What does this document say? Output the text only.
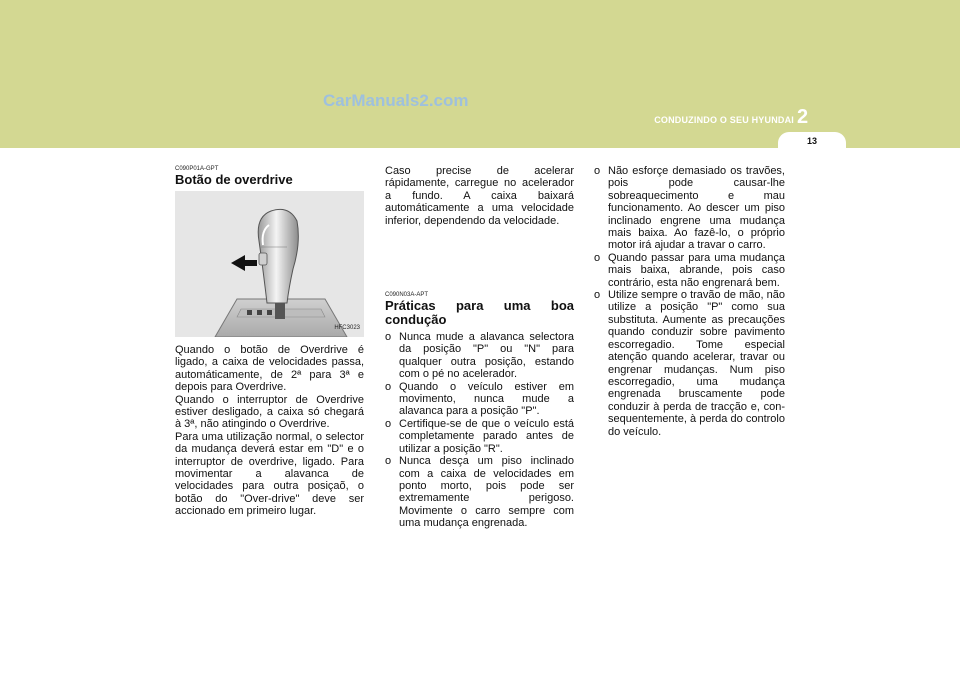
CarManuals2.com
CONDUZINDO O SEU HYUNDAI 2
13
C090P01A-GPT
Botão de overdrive
HFC3023

Quando o botão de Overdrive é ligado, a caixa de velocidades passa, automáticamente, de 2ª para 3ª e depois para Overdrive.

Quando o interruptor de Overdrive estiver desligado, a caixa só chegará à 3ª, não atingindo o Overdrive.

Para uma utilização normal, o selector da mudança deverá estar em "D" e o interruptor de overdrive, ligado. Para movimentar a alavanca de velocidades para outra posiçaõ, o botão do "Over-drive" deve ser accionado em primeiro lugar.

Caso precise de acelerar rápidamente, carregue no acelerador a fundo. A caixa baixará automáticamente a uma velocidade inferior, dependendo da velocidade.

C090N03A-APT
Práticas para uma boa condução
o Nunca mude a alavanca selectora da posição "P" ou "N" para qualquer outra posição, estando com o pé no acelerador.
o Quando o veículo estiver em movimento, nunca mude a alavanca para a posição "P".
o Certifique-se de que o veículo está completamente parado antes de utilizar a posição "R".
o Nunca desça um piso inclinado com a caixa de velocidades em ponto morto, pois pode ser extremamente perigoso. Movimente o carro sempre com uma mudança engrenada.
o Não esforçe demasiado os travões, pois pode causar-lhe sobreaquecimento e mau funcionamento. Ao descer um piso inclinado engrene uma mudança mais baixa. Ao fazê-lo, o próprio motor irá ajudar a travar o carro.
o Quando passar para uma mudança mais baixa, abrande, pois caso contrário, esta não engrenará bem.
o Utilize sempre o travão de mão, não utilize a posição "P" como sua substituta. Aumente as precauções quando conduzir sobre pavimento escorregadio. Tome especial atenção quando acelerar, travar ou engrenar mudanças. Num piso escorregadio, uma mudança engrenada bruscamente pode conduzir à perda de tracção e, con-sequentemente, à perda do controlo do veículo.
